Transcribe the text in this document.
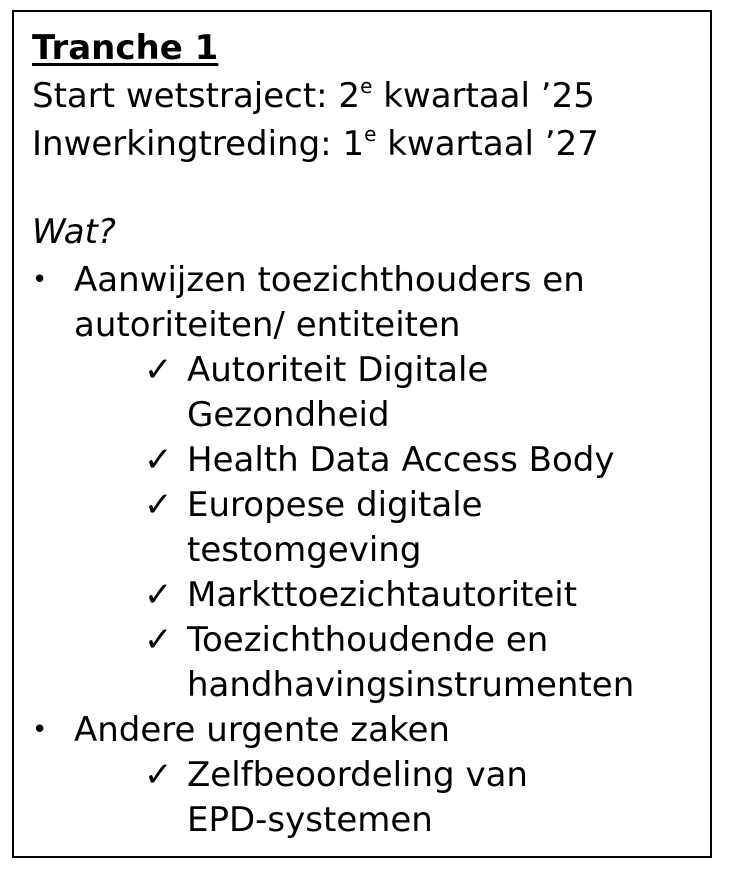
Tranche 1
Start wetstraject: 2e kwartaal ’25
Inwerkingtreding: 1e kwartaal ’27
Wat?
• Aanwijzen toezichthouders en
autoriteiten/ entiteiten
✓ Autoriteit Digitale
Gezondheid
✓ Health Data Access Body
✓ Europese digitale
testomgeving
✓ Markttoezichtautoriteit
✓ Toezichthoudende en
handhavingsinstrumenten
• Andere urgente zaken
✓ Zelfbeoordeling van
EPD-systemen
